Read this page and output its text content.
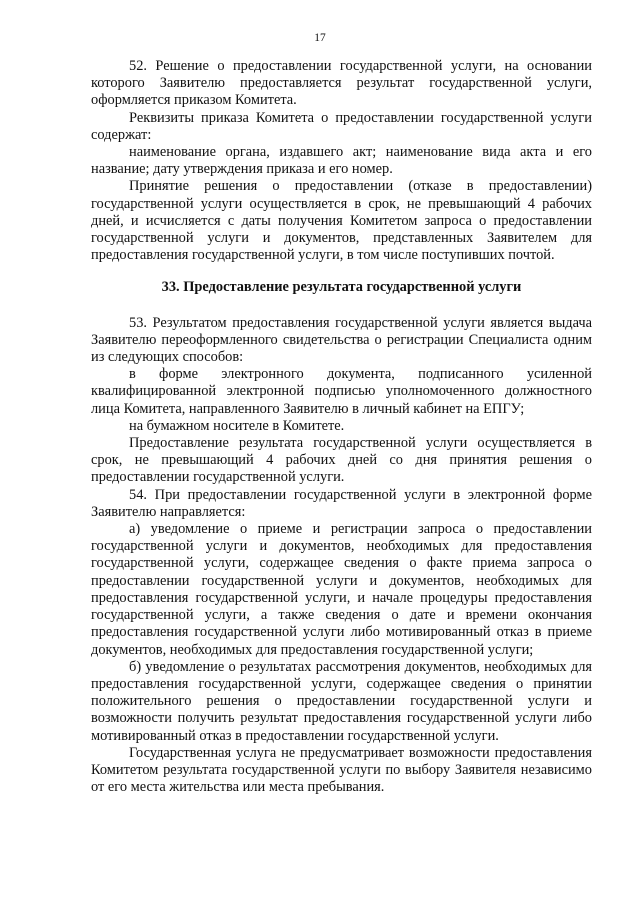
17

52. Решение о предоставлении государственной услуги, на основании которого Заявителю предоставляется результат государственной услуги, оформляется приказом Комитета.

Реквизиты приказа Комитета о предоставлении государственной услуги содержат:

наименование органа, издавшего акт; наименование вида акта и его название; дату утверждения приказа и его номер.

Принятие решения о предоставлении (отказе в предоставлении) государственной услуги осуществляется в срок, не превышающий 4 рабочих дней, и исчисляется с даты получения Комитетом запроса о предоставлении государственной услуги и документов, представленных Заявителем для предоставления государственной услуги, в том числе поступивших почтой.

33. Предоставление результата государственной услуги

53. Результатом предоставления государственной услуги является выдача Заявителю переоформленного свидетельства о регистрации Специалиста одним из следующих способов:

в форме электронного документа, подписанного усиленной квалифицированной электронной подписью уполномоченного должностного лица Комитета, направленного Заявителю в личный кабинет на ЕПГУ;

на бумажном носителе в Комитете.

Предоставление результата государственной услуги осуществляется в срок, не превышающий 4 рабочих дней со дня принятия решения о предоставлении государственной услуги.

54. При предоставлении государственной услуги в электронной форме Заявителю направляется:

а) уведомление о приеме и регистрации запроса о предоставлении государственной услуги и документов, необходимых для предоставления государственной услуги, содержащее сведения о факте приема запроса о предоставлении государственной услуги и документов, необходимых для предоставления государственной услуги, и начале процедуры предоставления государственной услуги, а также сведения о дате и времени окончания предоставления государственной услуги либо мотивированный отказ в приеме документов, необходимых для предоставления государственной услуги;

б) уведомление о результатах рассмотрения документов, необходимых для предоставления государственной услуги, содержащее сведения о принятии положительного решения о предоставлении государственной услуги и возможности получить результат предоставления государственной услуги либо мотивированный отказ в предоставлении государственной услуги.

Государственная услуга не предусматривает возможности предоставления Комитетом результата государственной услуги по выбору Заявителя независимо от его места жительства или места пребывания.
